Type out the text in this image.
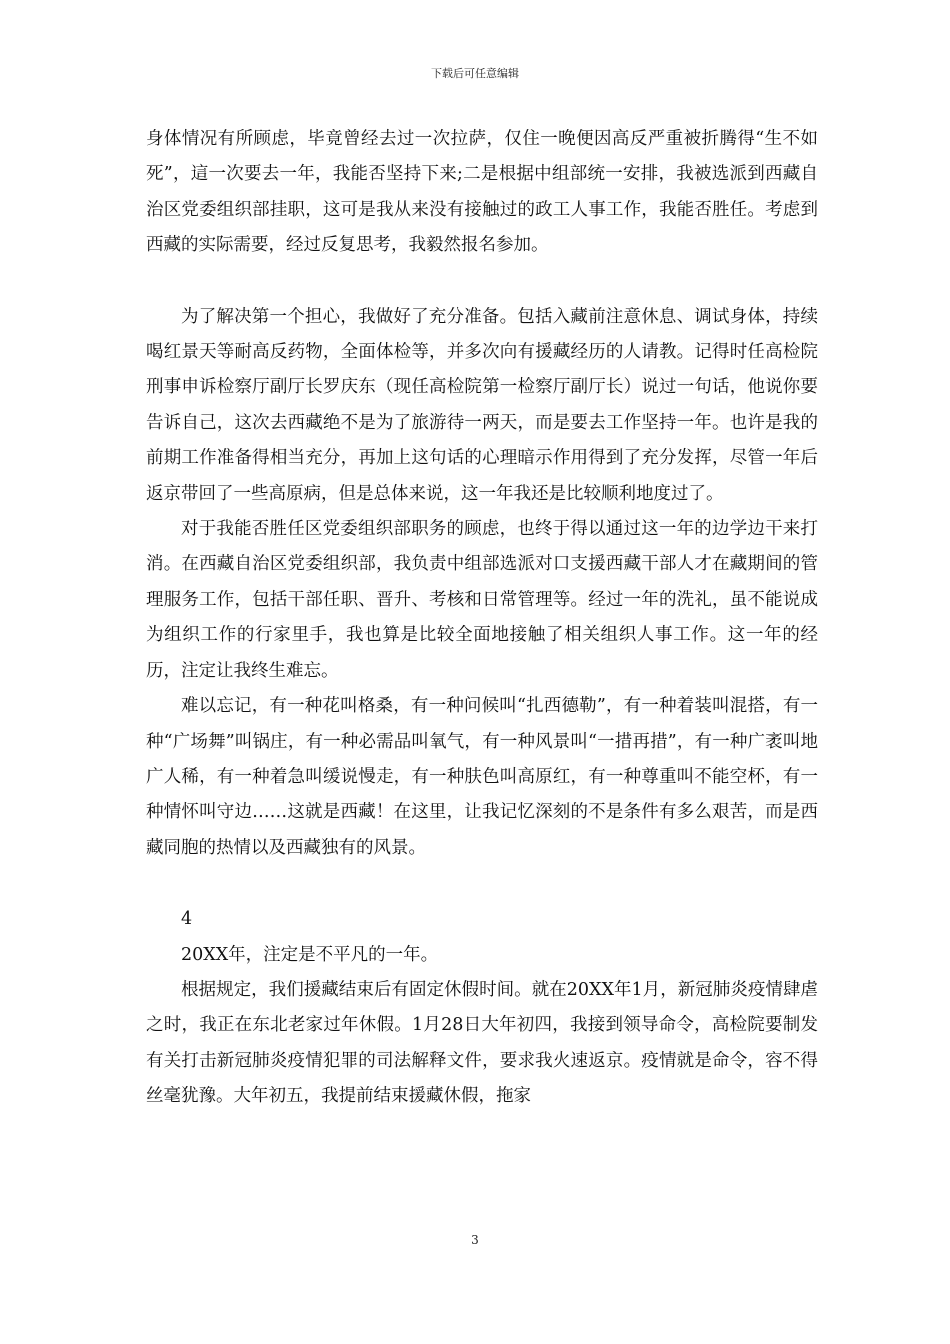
下载后可任意编辑

身体情况有所顾虑，毕竟曾经去过一次拉萨，仅住一晚便因高反严重被折腾得“生不如死”，這一次要去一年，我能否坚持下来;二是根据中组部统一安排，我被选派到西藏自治区党委组织部挂职，这可是我从来没有接触过的政工人事工作，我能否胜任。考虑到西藏的实际需要，经过反复思考，我毅然报名参加。

为了解决第一个担心，我做好了充分准备。包括入藏前注意休息、调试身体，持续喝红景天等耐高反药物，全面体检等，并多次向有援藏经历的人请教。记得时任高检院刑事申诉检察厅副厅长罗庆东（现任高检院第一检察厅副厅长）说过一句话，他说你要告诉自己，这次去西藏绝不是为了旅游待一两天，而是要去工作坚持一年。也许是我的前期工作准备得相当充分，再加上这句话的心理暗示作用得到了充分发挥，尽管一年后返京带回了一些高原病，但是总体来说，这一年我还是比较顺利地度过了。

对于我能否胜任区党委组织部职务的顾虑，也终于得以通过这一年的边学边干来打消。在西藏自治区党委组织部，我负责中组部选派对口支援西藏干部人才在藏期间的管理服务工作，包括干部任职、晋升、考核和日常管理等。经过一年的洗礼，虽不能说成为组织工作的行家里手，我也算是比较全面地接触了相关组织人事工作。这一年的经历，注定让我终生难忘。

难以忘记，有一种花叫格桑，有一种问候叫“扎西德勒”，有一种着装叫混搭，有一种“广场舞”叫锅庄，有一种必需品叫氧气，有一种风景叫“一措再措”，有一种广袤叫地广人稀，有一种着急叫缓说慢走，有一种肤色叫高原红，有一种尊重叫不能空杯，有一种情怀叫守边……这就是西藏！在这里，让我记忆深刻的不是条件有多么艰苦，而是西藏同胞的热情以及西藏独有的风景。

4

20XX年，注定是不平凡的一年。

根据规定，我们援藏结束后有固定休假时间。就在20XX年1月，新冠肺炎疫情肆虐之时，我正在东北老家过年休假。1月28日大年初四，我接到领导命令，高检院要制发有关打击新冠肺炎疫情犯罪的司法解释文件，要求我火速返京。疫情就是命令，容不得丝毫犹豫。大年初五，我提前结束援藏休假，拖家

3
